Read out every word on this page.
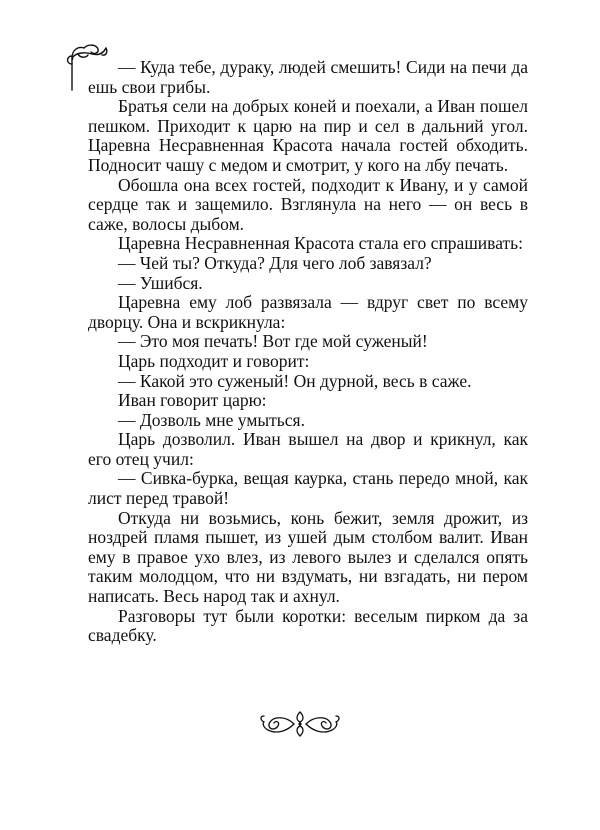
— Куда тебе, дураку, людей смешить! Сиди на печи да ешь свои грибы.

Братья сели на добрых коней и поехали, а Иван пошел пешком. Приходит к царю на пир и сел в дальний угол. Царевна Несравненная Красота начала гостей обходить. Подносит чашу с медом и смотрит, у кого на лбу печать.

Обошла она всех гостей, подходит к Ивану, и у самой сердце так и защемило. Взглянула на него — он весь в саже, волосы дыбом.

Царевна Несравненная Красота стала его спрашивать:

— Чей ты? Откуда? Для чего лоб завязал?

— Ушибся.

Царевна ему лоб развязала — вдруг свет по всему дворцу. Она и вскрикнула:

— Это моя печать! Вот где мой суженый!

Царь подходит и говорит:

— Какой это суженый! Он дурной, весь в саже.

Иван говорит царю:

— Дозволь мне умыться.

Царь дозволил. Иван вышел на двор и крикнул, как его отец учил:

— Сивка-бурка, вещая каурка, стань передо мной, как лист перед травой!

Откуда ни возьмись, конь бежит, земля дрожит, из ноздрей пламя пышет, из ушей дым столбом валит. Иван ему в правое ухо влез, из левого вылез и сделался опять таким молодцом, что ни вздумать, ни взгадать, ни пером написать. Весь народ так и ахнул.

Разговоры тут были коротки: веселым пирком да за свадебку.
